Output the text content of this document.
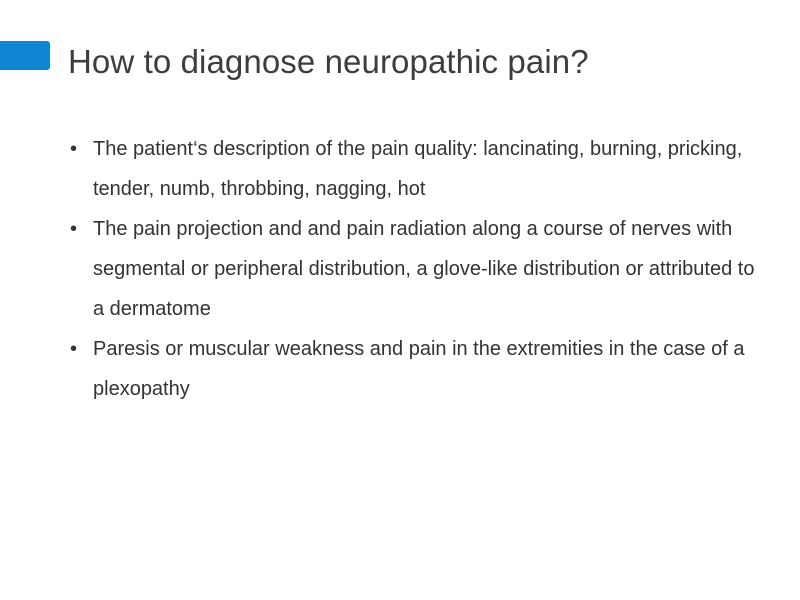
How to diagnose neuropathic pain?
• The patient‘s description of the pain quality: lancinating, burning, pricking, tender, numb, throbbing, nagging, hot
• The pain projection and and pain radiation along a course of nerves with segmental or peripheral distribution, a glove-like distribution or attributed to a dermatome
• Paresis or muscular weakness and pain in the extremities in the case of a plexopathy
